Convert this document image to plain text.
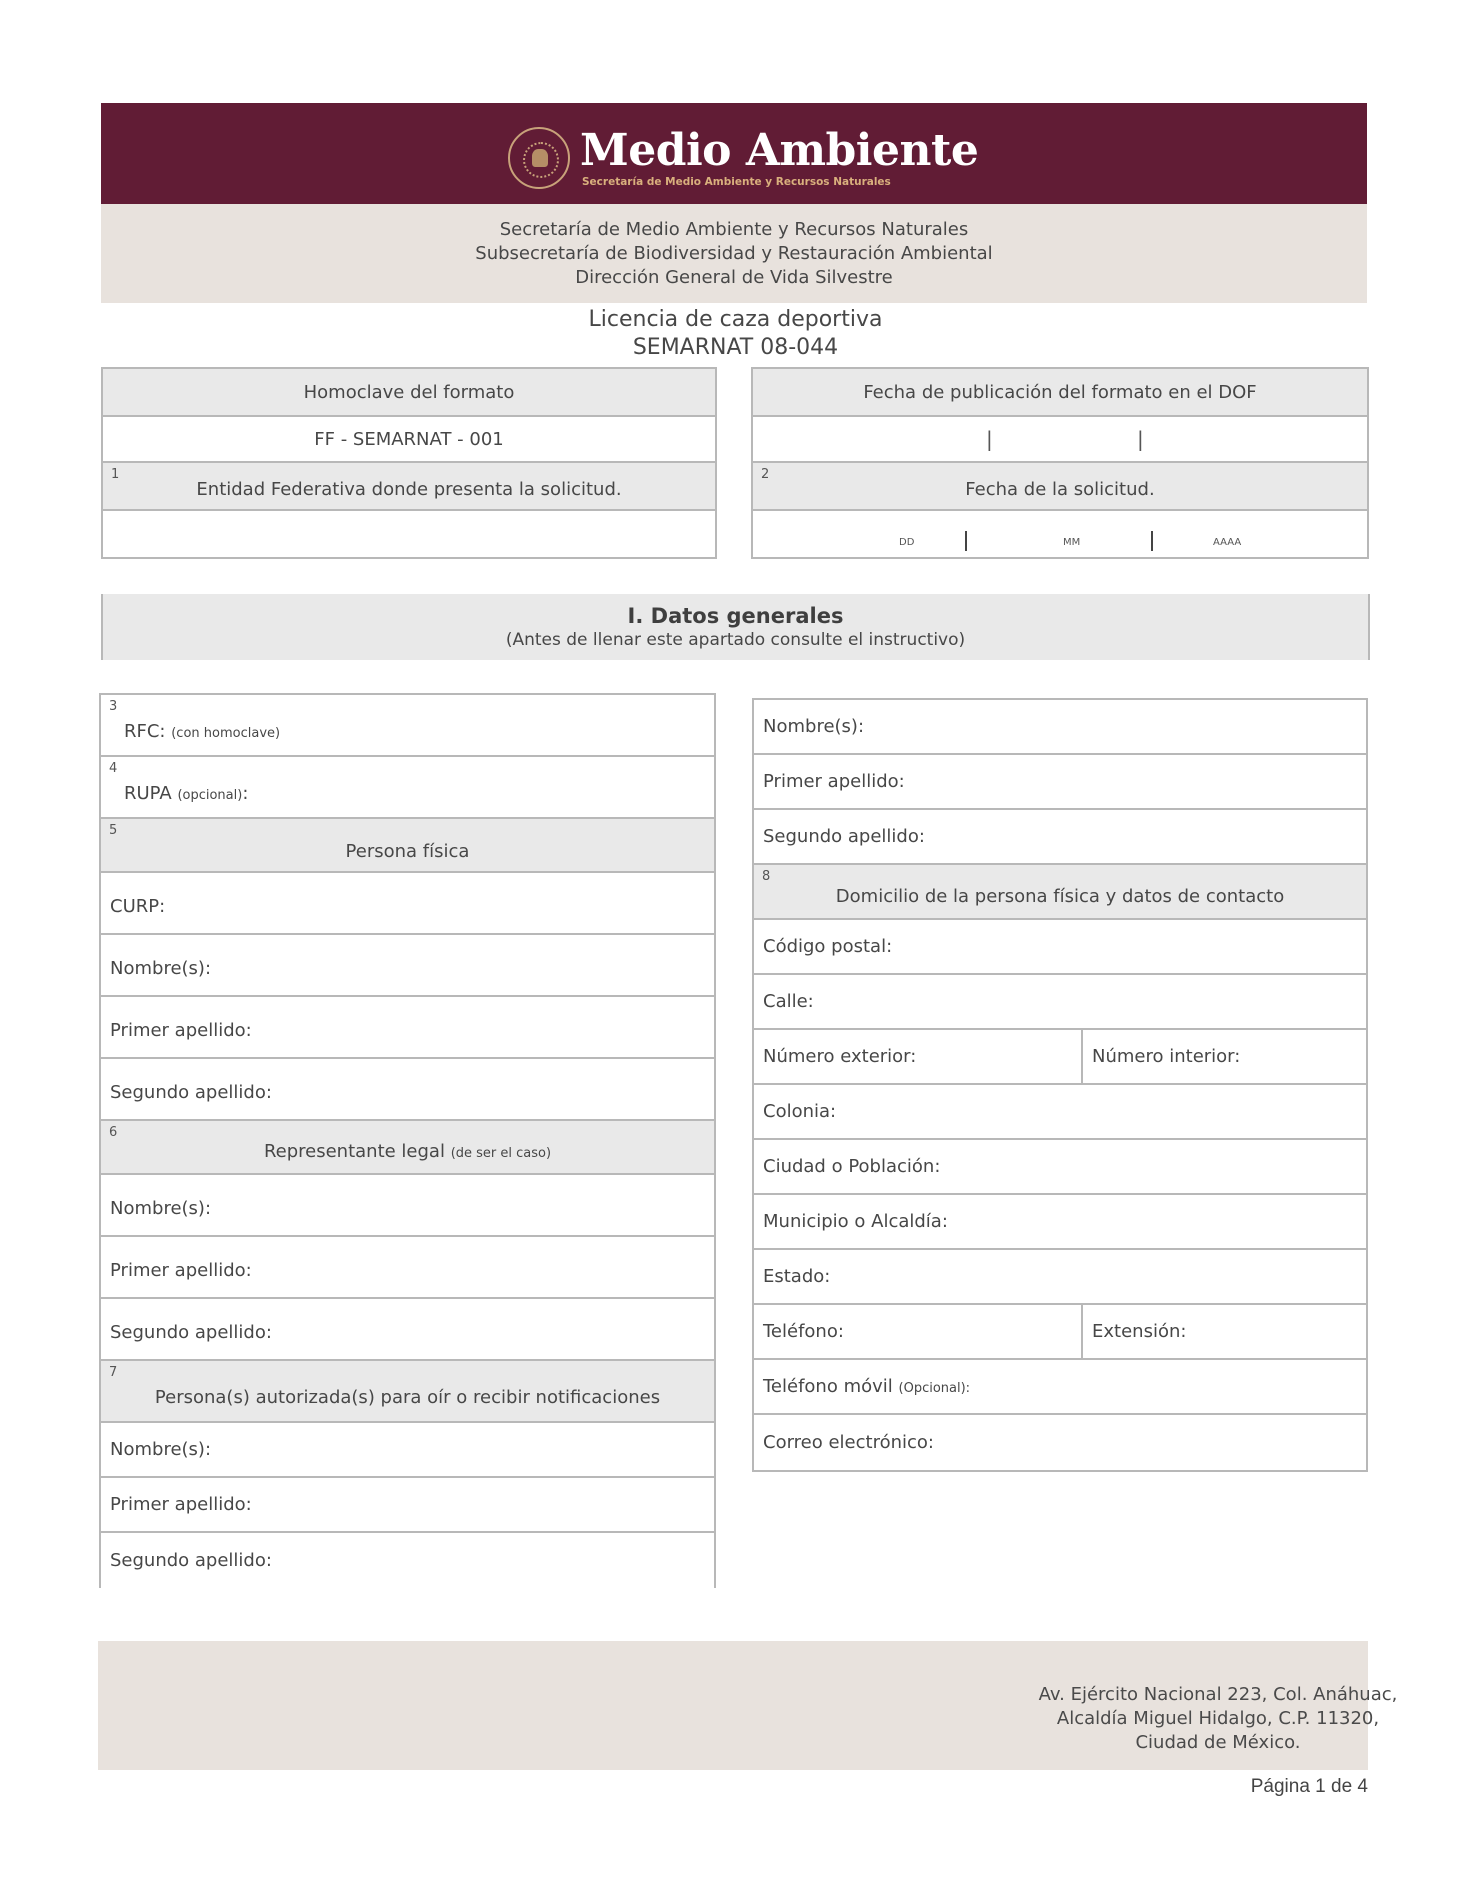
Medio Ambiente
Secretaría de Medio Ambiente y Recursos Naturales
Secretaría de Medio Ambiente y Recursos Naturales
Subsecretaría de Biodiversidad y Restauración Ambiental
Dirección General de Vida Silvestre
Licencia de caza deportiva
SEMARNAT 08-044
Homoclave del formato
FF - SEMARNAT - 001
1
Entidad Federativa donde presenta la solicitud.
Fecha de publicación del formato en el DOF
|	|
2
Fecha de la solicitud.
DD	MM	AAAA
I. Datos generales
(Antes de llenar este apartado consulte el instructivo)
3
RFC: (con homoclave)
4
RUPA (opcional):
5
Persona física
CURP:
Nombre(s):
Primer apellido:
Segundo apellido:
6
Representante legal (de ser el caso)
Nombre(s):
Primer apellido:
Segundo apellido:
7
Persona(s) autorizada(s) para oír o recibir notificaciones
Nombre(s):
Primer apellido:
Segundo apellido:
Nombre(s):
Primer apellido:
Segundo apellido:
8
Domicilio de la persona física y datos de contacto
Código postal:
Calle:
Número exterior:	Número interior:
Colonia:
Ciudad o Población:
Municipio o Alcaldía:
Estado:
Teléfono:	Extensión:
Teléfono móvil (Opcional):
Correo electrónico:
Av. Ejército Nacional 223, Col. Anáhuac,
Alcaldía Miguel Hidalgo, C.P. 11320,
Ciudad de México.
Página 1 de 4
